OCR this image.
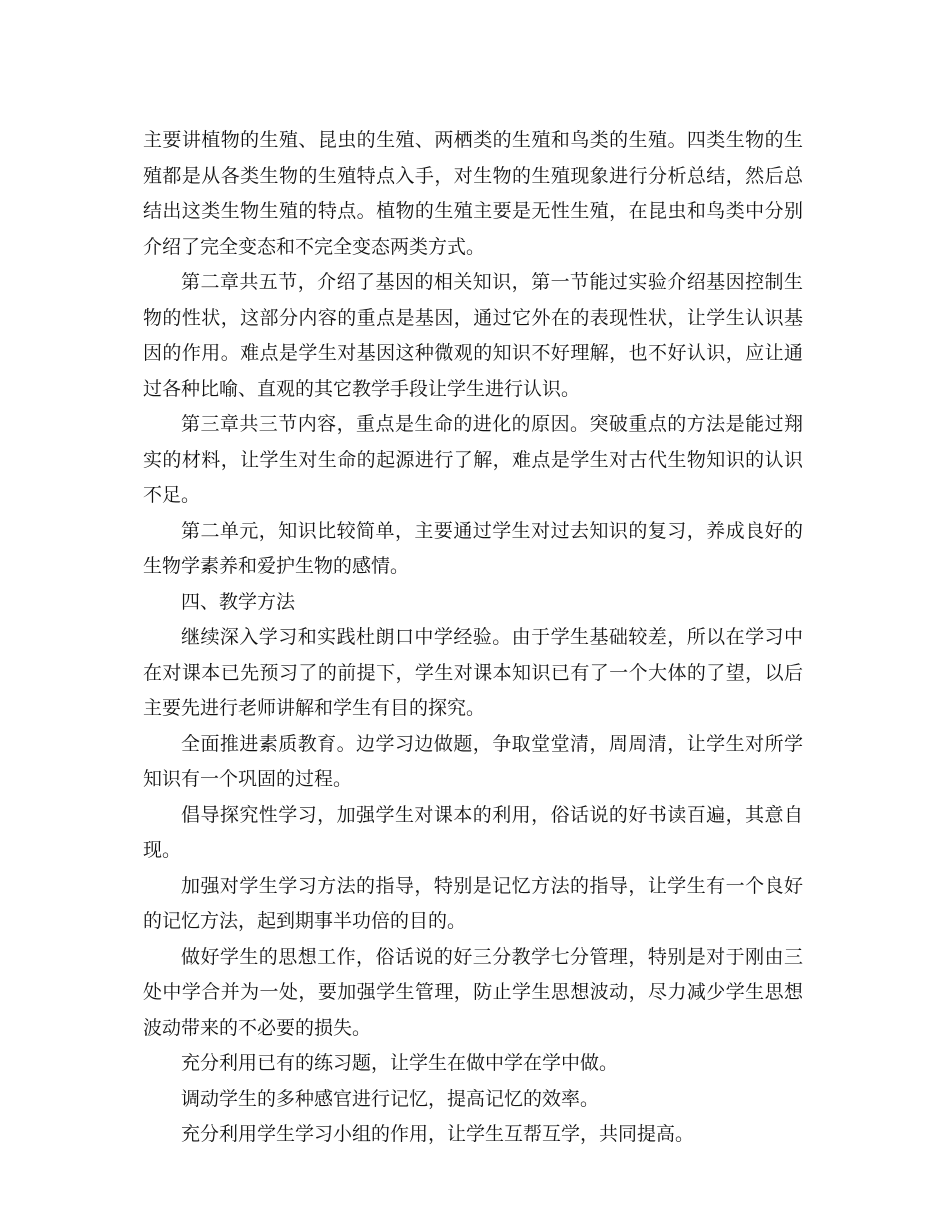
主要讲植物的生殖、昆虫的生殖、两栖类的生殖和鸟类的生殖。四类生物的生殖都是从各类生物的生殖特点入手，对生物的生殖现象进行分析总结，然后总结出这类生物生殖的特点。植物的生殖主要是无性生殖，在昆虫和鸟类中分别介绍了完全变态和不完全变态两类方式。

第二章共五节，介绍了基因的相关知识，第一节能过实验介绍基因控制生物的性状，这部分内容的重点是基因，通过它外在的表现性状，让学生认识基因的作用。难点是学生对基因这种微观的知识不好理解，也不好认识，应让通过各种比喻、直观的其它教学手段让学生进行认识。

第三章共三节内容，重点是生命的进化的原因。突破重点的方法是能过翔实的材料，让学生对生命的起源进行了解，难点是学生对古代生物知识的认识不足。

第二单元，知识比较简单，主要通过学生对过去知识的复习，养成良好的生物学素养和爱护生物的感情。

四、教学方法

继续深入学习和实践杜朗口中学经验。由于学生基础较差，所以在学习中在对课本已先预习了的前提下，学生对课本知识已有了一个大体的了望，以后主要先进行老师讲解和学生有目的探究。

全面推进素质教育。边学习边做题，争取堂堂清，周周清，让学生对所学知识有一个巩固的过程。

倡导探究性学习，加强学生对课本的利用，俗话说的好书读百遍，其意自现。

加强对学生学习方法的指导，特别是记忆方法的指导，让学生有一个良好的记忆方法，起到期事半功倍的目的。

做好学生的思想工作，俗话说的好三分教学七分管理，特别是对于刚由三处中学合并为一处，要加强学生管理，防止学生思想波动，尽力减少学生思想波动带来的不必要的损失。

充分利用已有的练习题，让学生在做中学在学中做。

调动学生的多种感官进行记忆，提高记忆的效率。

充分利用学生学习小组的作用，让学生互帮互学，共同提高。
